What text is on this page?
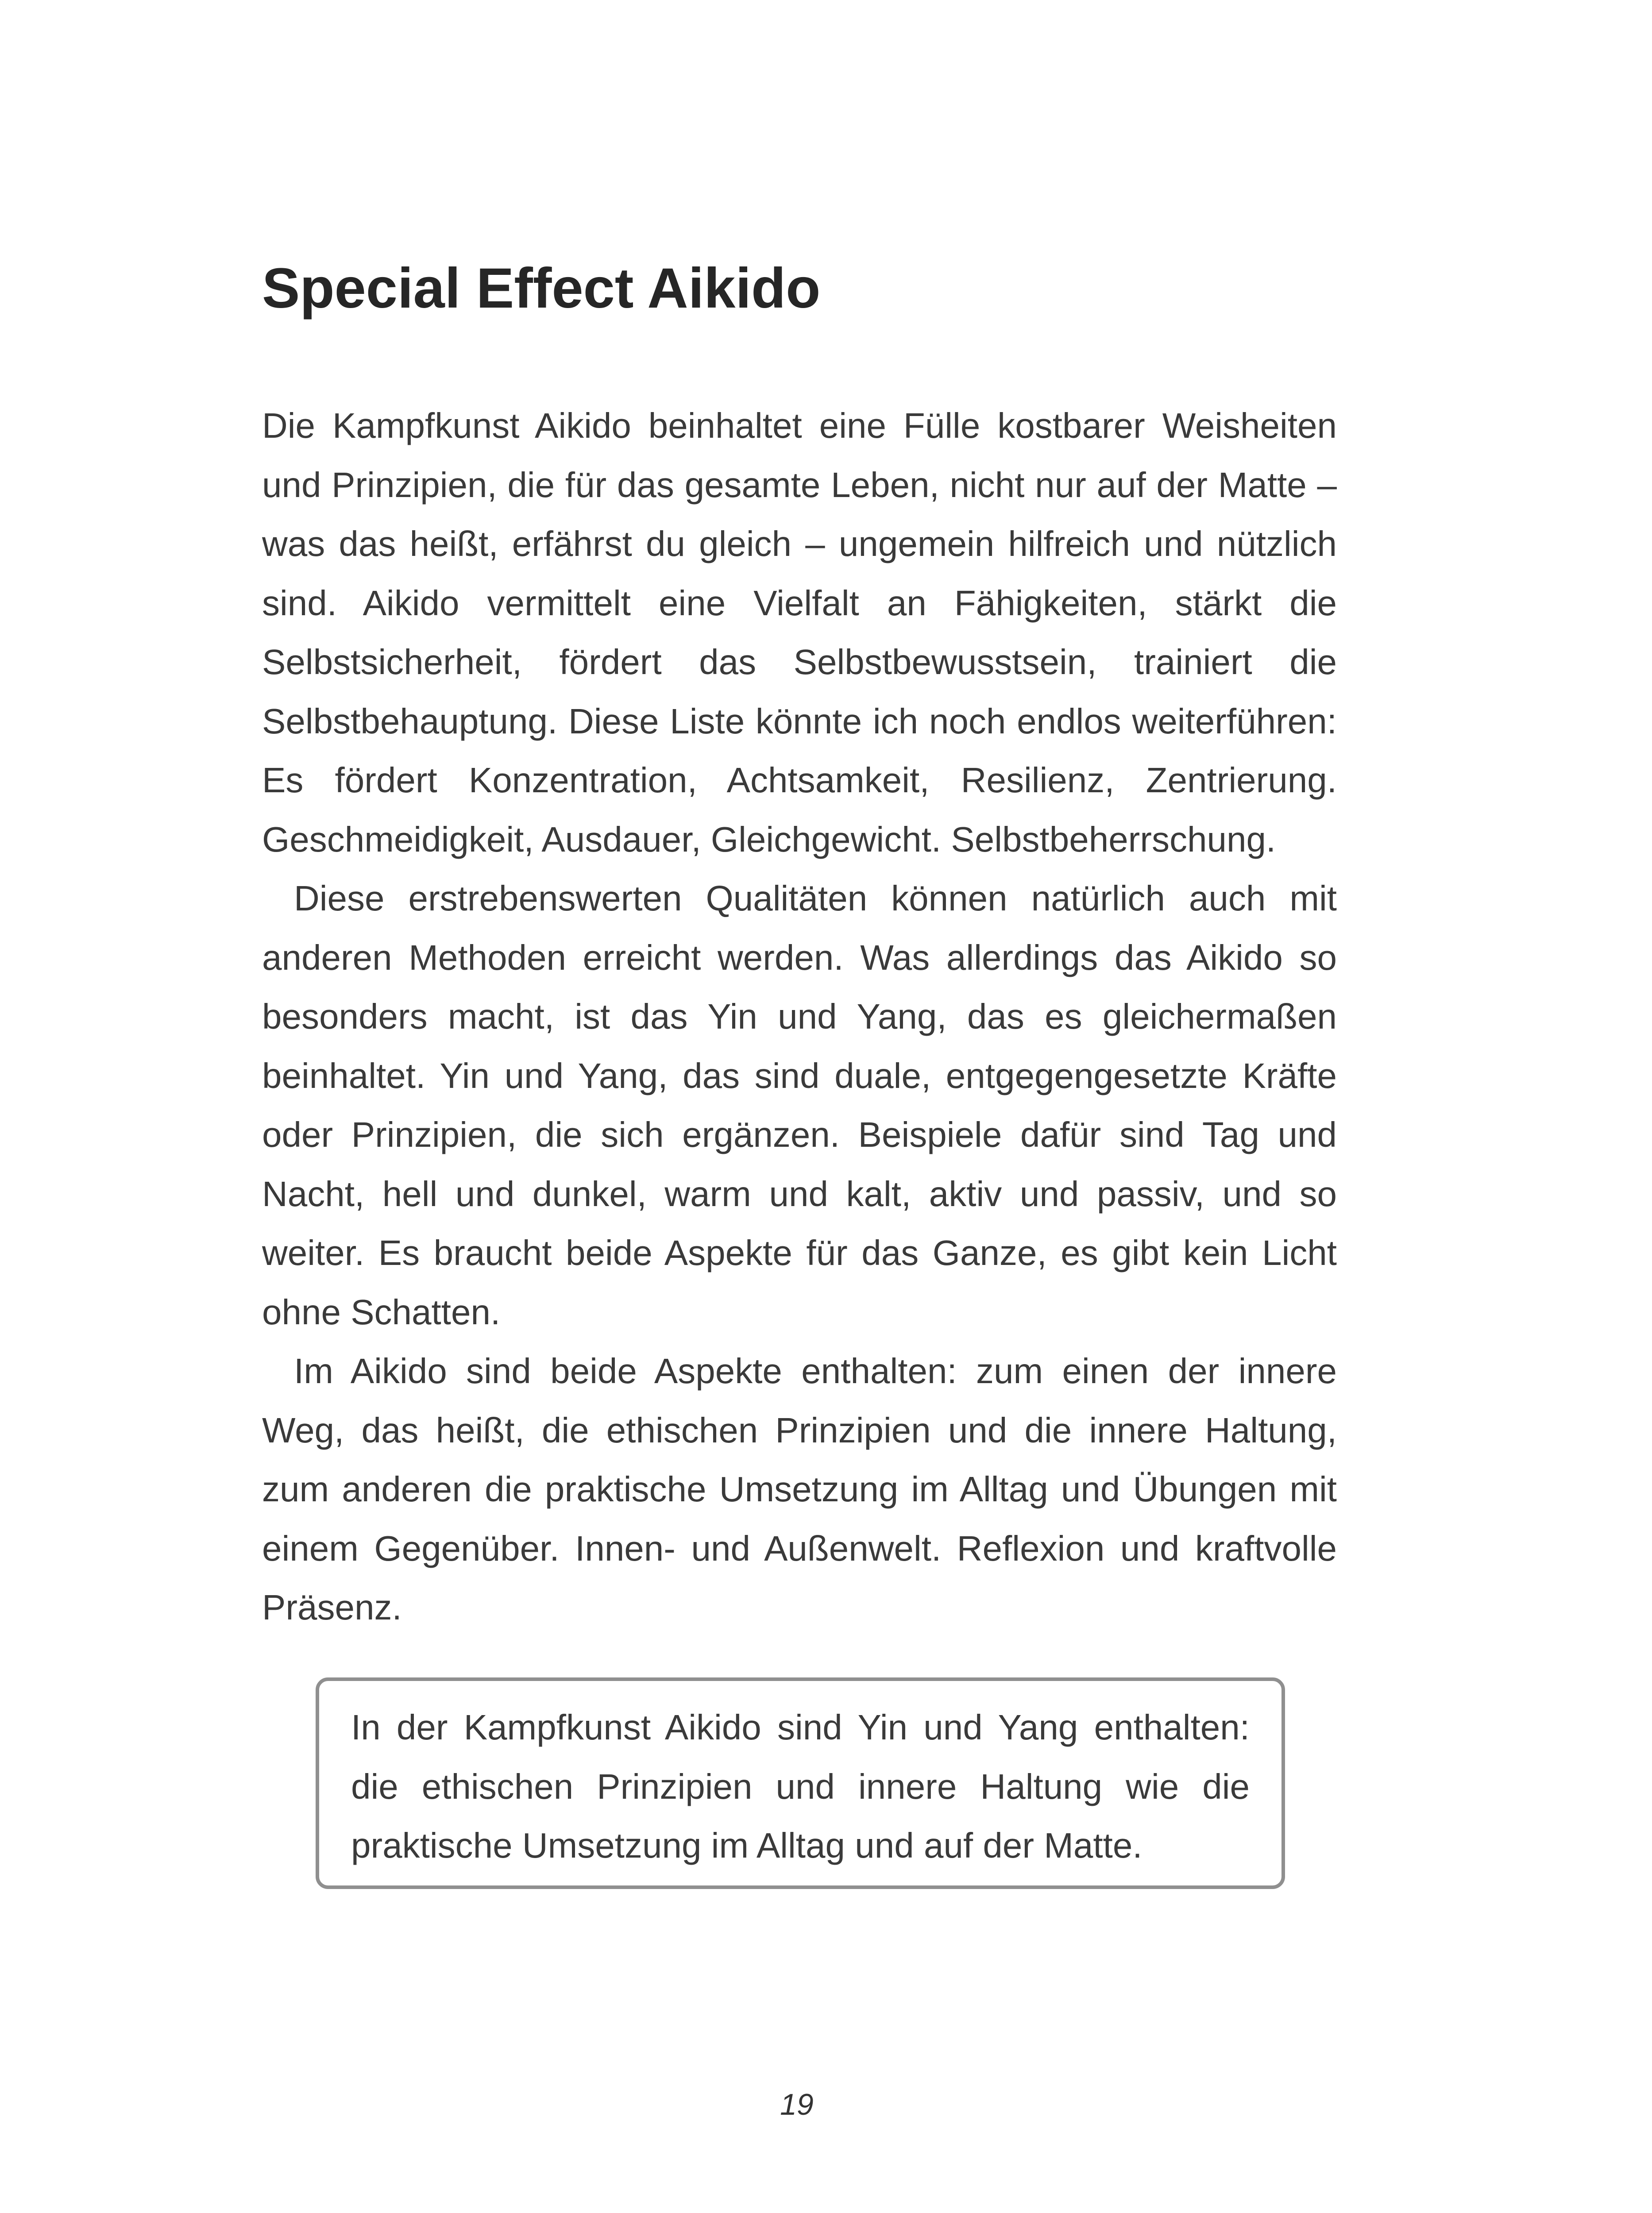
Special Effect Aikido

Die Kampfkunst Aikido beinhaltet eine Fülle kostbarer Weisheiten und Prinzipien, die für das gesamte Leben, nicht nur auf der Matte – was das heißt, erfährst du gleich – ungemein hilfreich und nützlich sind. Aikido vermittelt eine Vielfalt an Fähigkeiten, stärkt die Selbstsicherheit, fördert das Selbstbewusstsein, trainiert die Selbstbehauptung. Diese Liste könnte ich noch endlos weiterführen: Es fördert Konzentration, Achtsamkeit, Resilienz, Zentrierung. Geschmeidigkeit, Ausdauer, Gleichgewicht. Selbstbeherrschung.

Diese erstrebenswerten Qualitäten können natürlich auch mit anderen Methoden erreicht werden. Was allerdings das Aikido so besonders macht, ist das Yin und Yang, das es gleichermaßen beinhaltet. Yin und Yang, das sind duale, entgegengesetzte Kräfte oder Prinzipien, die sich ergänzen. Beispiele dafür sind Tag und Nacht, hell und dunkel, warm und kalt, aktiv und passiv, und so weiter. Es braucht beide Aspekte für das Ganze, es gibt kein Licht ohne Schatten.

Im Aikido sind beide Aspekte enthalten: zum einen der innere Weg, das heißt, die ethischen Prinzipien und die innere Haltung, zum anderen die praktische Umsetzung im Alltag und Übungen mit einem Gegenüber. Innen- und Außenwelt. Reflexion und kraftvolle Präsenz.

In der Kampfkunst Aikido sind Yin und Yang enthalten: die ethischen Prinzipien und innere Haltung wie die praktische Umsetzung im Alltag und auf der Matte.

19
